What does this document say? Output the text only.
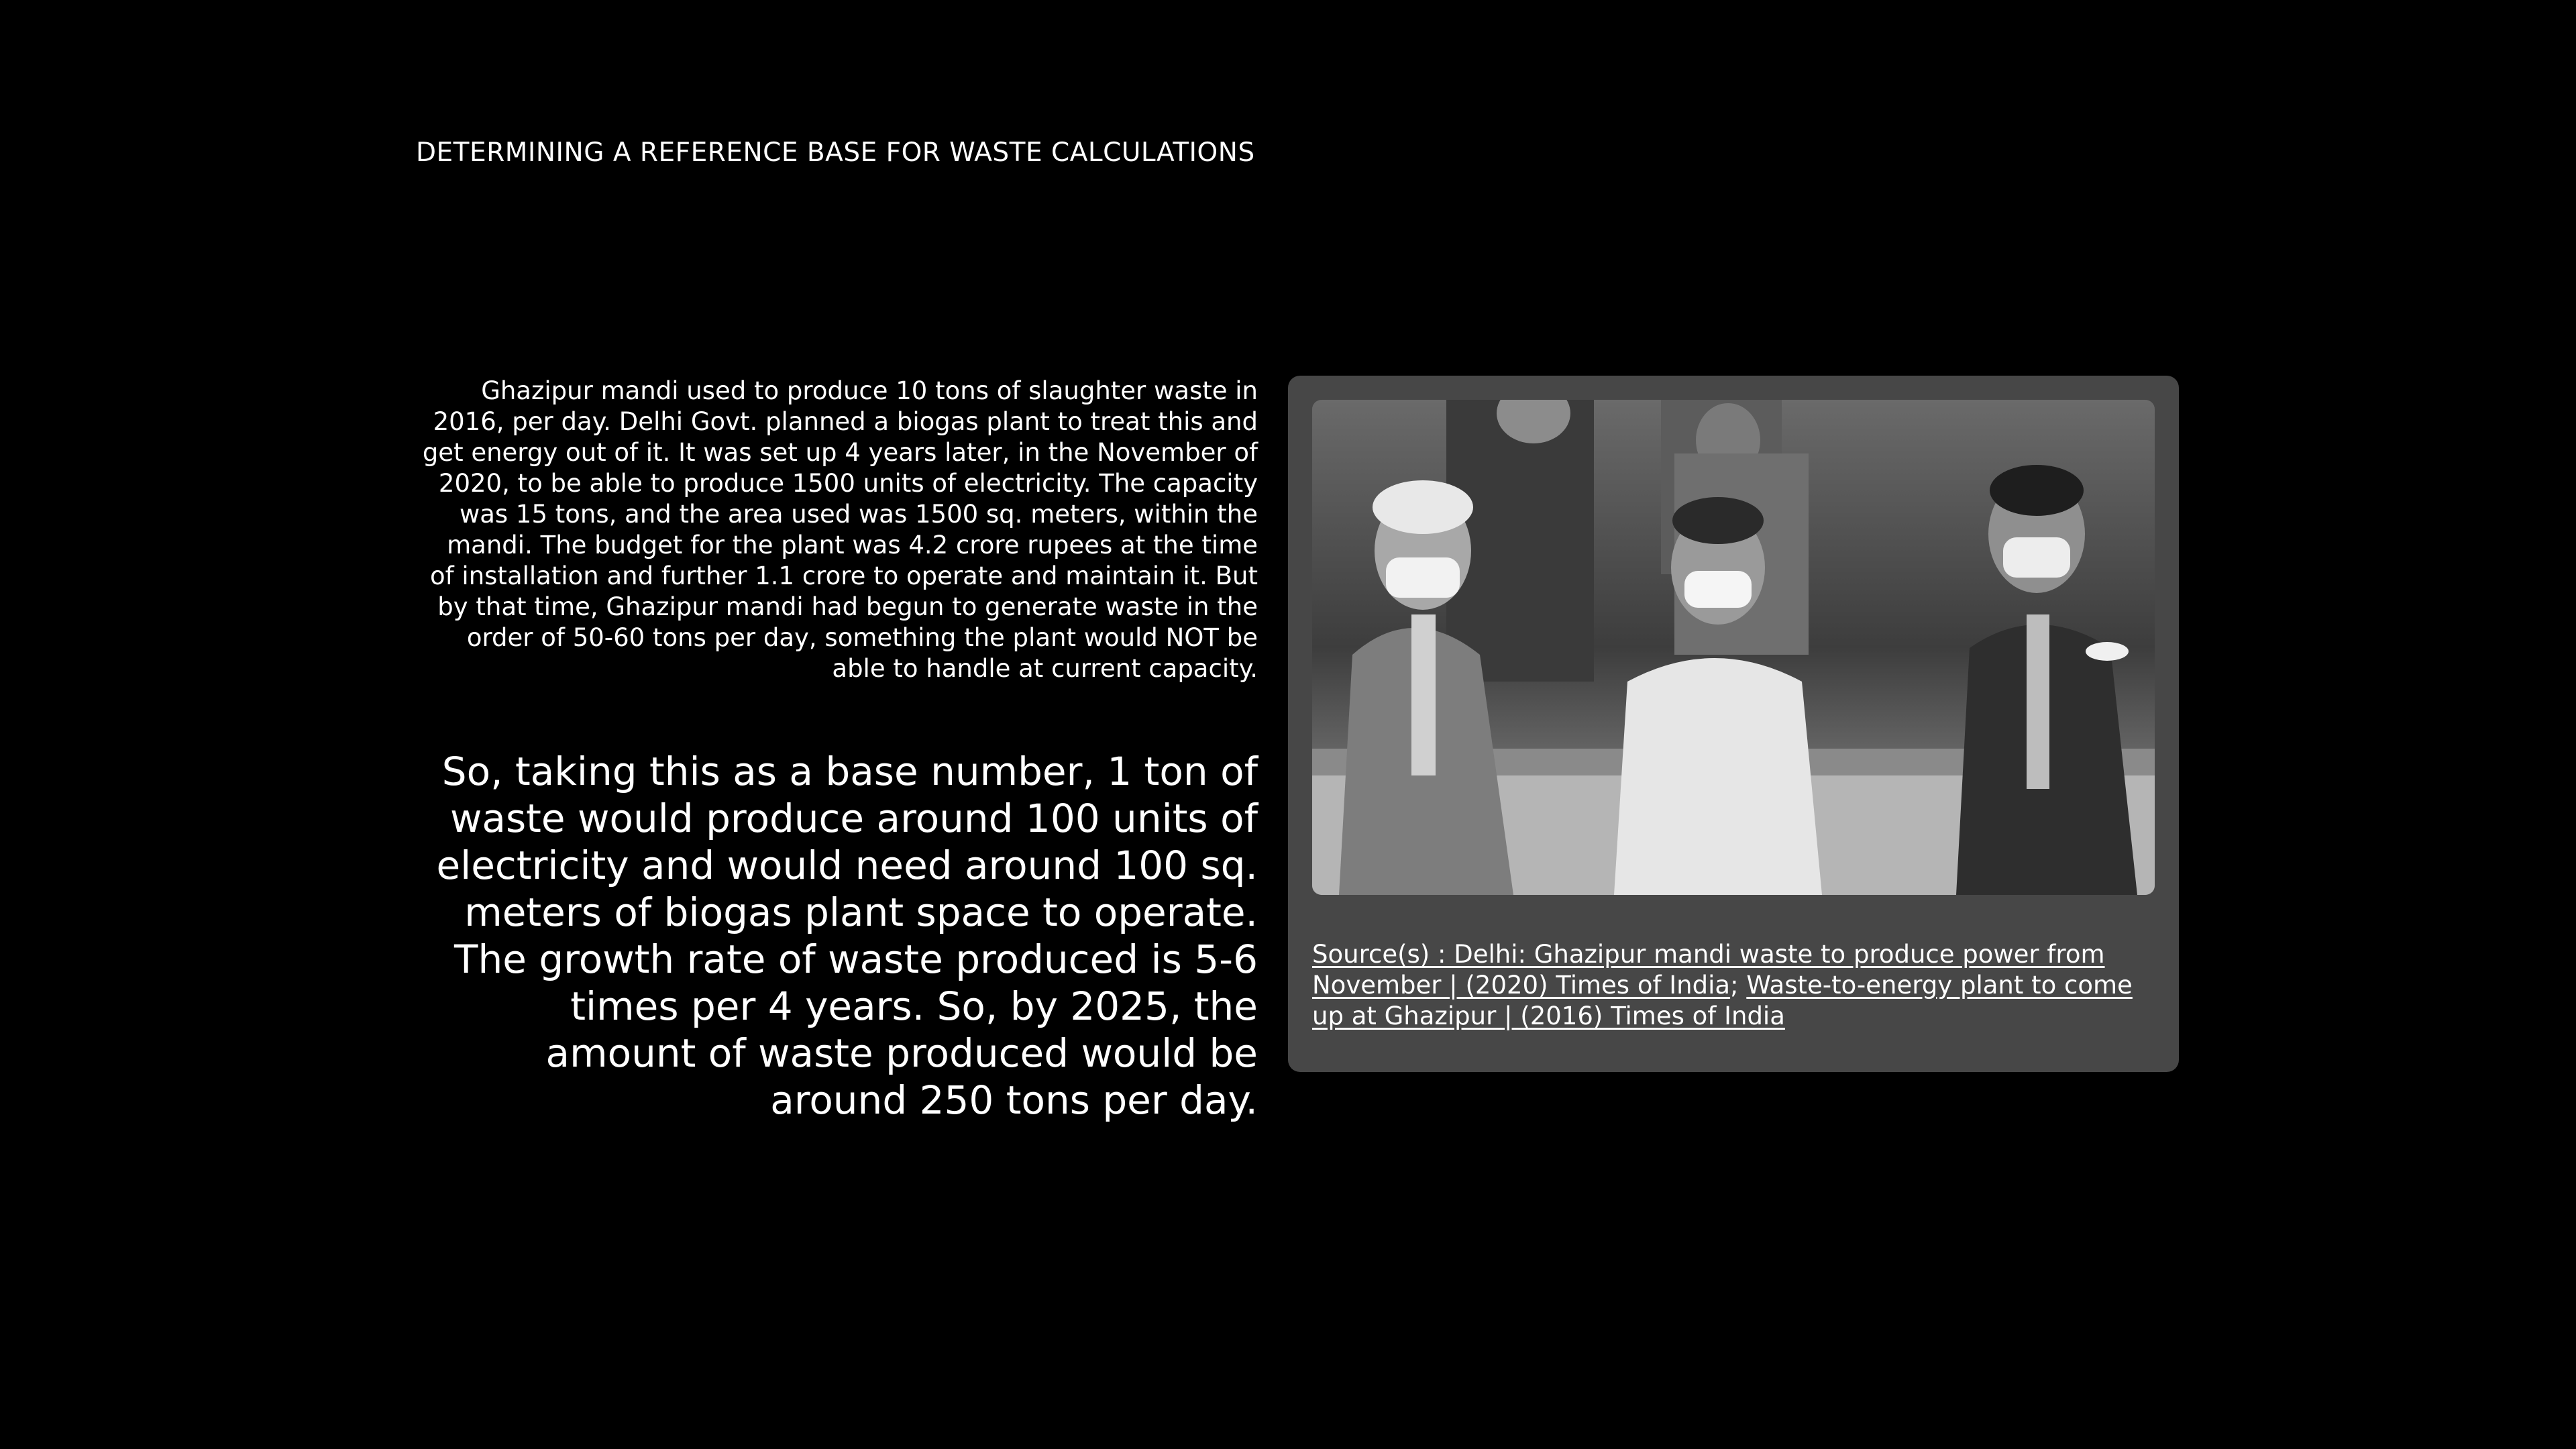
DETERMINING A REFERENCE BASE FOR WASTE CALCULATIONS
Ghazipur mandi used to produce 10 tons of slaughter waste in 2016, per day. Delhi Govt. planned a biogas plant to treat this and get energy out of it. It was set up 4 years later, in the November of 2020, to be able to produce 1500 units of electricity. The capacity was 15 tons, and the area used was 1500 sq. meters, within the mandi. The budget for the plant was 4.2 crore rupees at the time of installation and further 1.1 crore to operate and maintain it. But by that time, Ghazipur mandi had begun to generate waste in the order of 50-60 tons per day, something the plant would NOT be able to handle at current capacity.
So, taking this as a base number, 1 ton of waste would produce around 100 units of electricity and would need around 100 sq. meters of biogas plant space to operate. The growth rate of waste produced is 5-6 times per 4 years. So, by 2025, the amount of waste produced would be around 250 tons per day.
Source(s) : Delhi: Ghazipur mandi waste to produce power from November | (2020) Times of India; Waste-to-energy plant to come up at Ghazipur | (2016) Times of India
